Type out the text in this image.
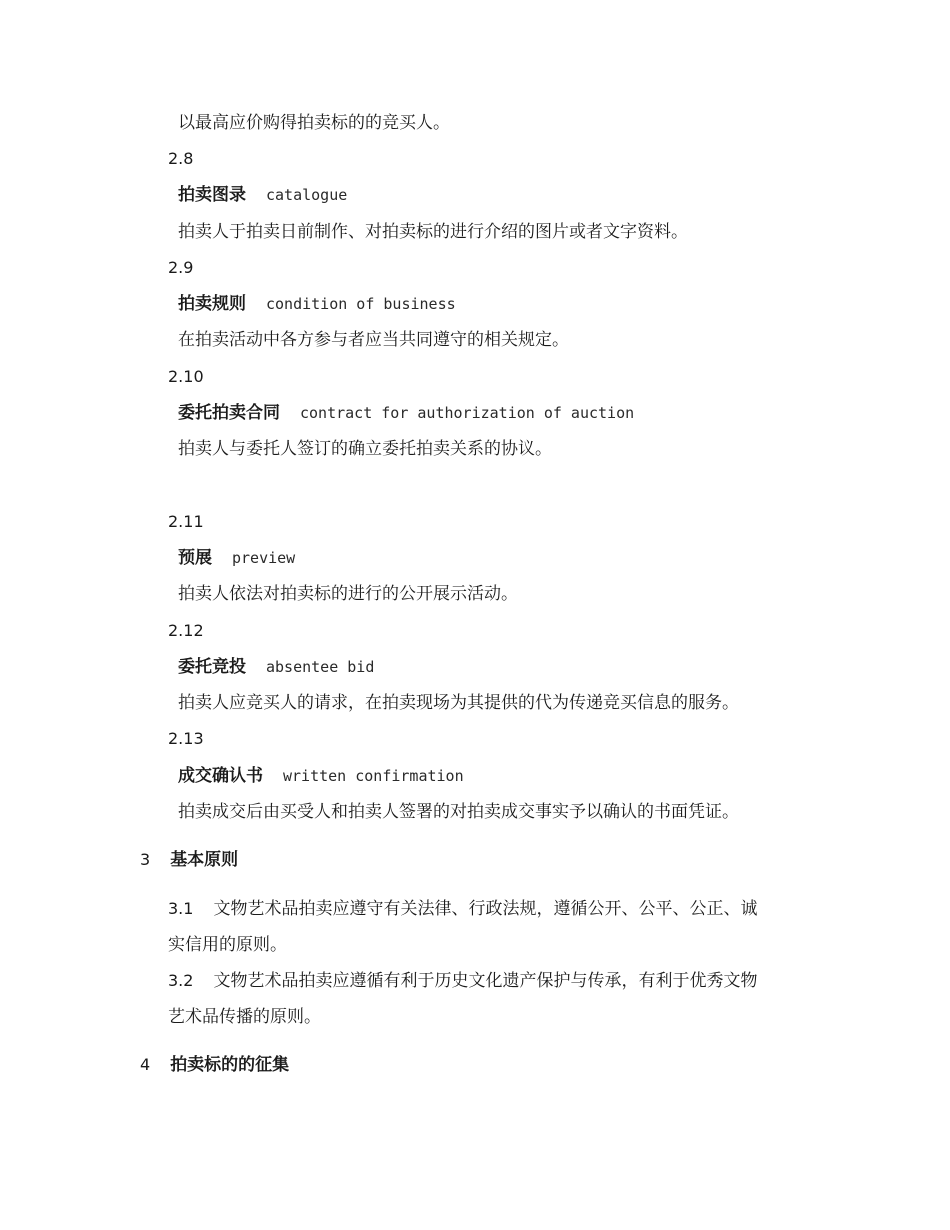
以最高应价购得拍卖标的的竞买人。
2.8
拍卖图录 catalogue
拍卖人于拍卖日前制作、对拍卖标的进行介绍的图片或者文字资料。
2.9
拍卖规则 condition of business
在拍卖活动中各方参与者应当共同遵守的相关规定。
2.10
委托拍卖合同 contract for authorization of auction
拍卖人与委托人签订的确立委托拍卖关系的协议。
2.11
预展 preview
拍卖人依法对拍卖标的进行的公开展示活动。
2.12
委托竞投 absentee bid
拍卖人应竞买人的请求，在拍卖现场为其提供的代为传递竞买信息的服务。
2.13
成交确认书 written confirmation
拍卖成交后由买受人和拍卖人签署的对拍卖成交事实予以确认的书面凭证。
3 基本原则
3.1 文物艺术品拍卖应遵守有关法律、行政法规，遵循公开、公平、公正、诚
实信用的原则。
3.2 文物艺术品拍卖应遵循有利于历史文化遗产保护与传承，有利于优秀文物
艺术品传播的原则。
4 拍卖标的的征集
